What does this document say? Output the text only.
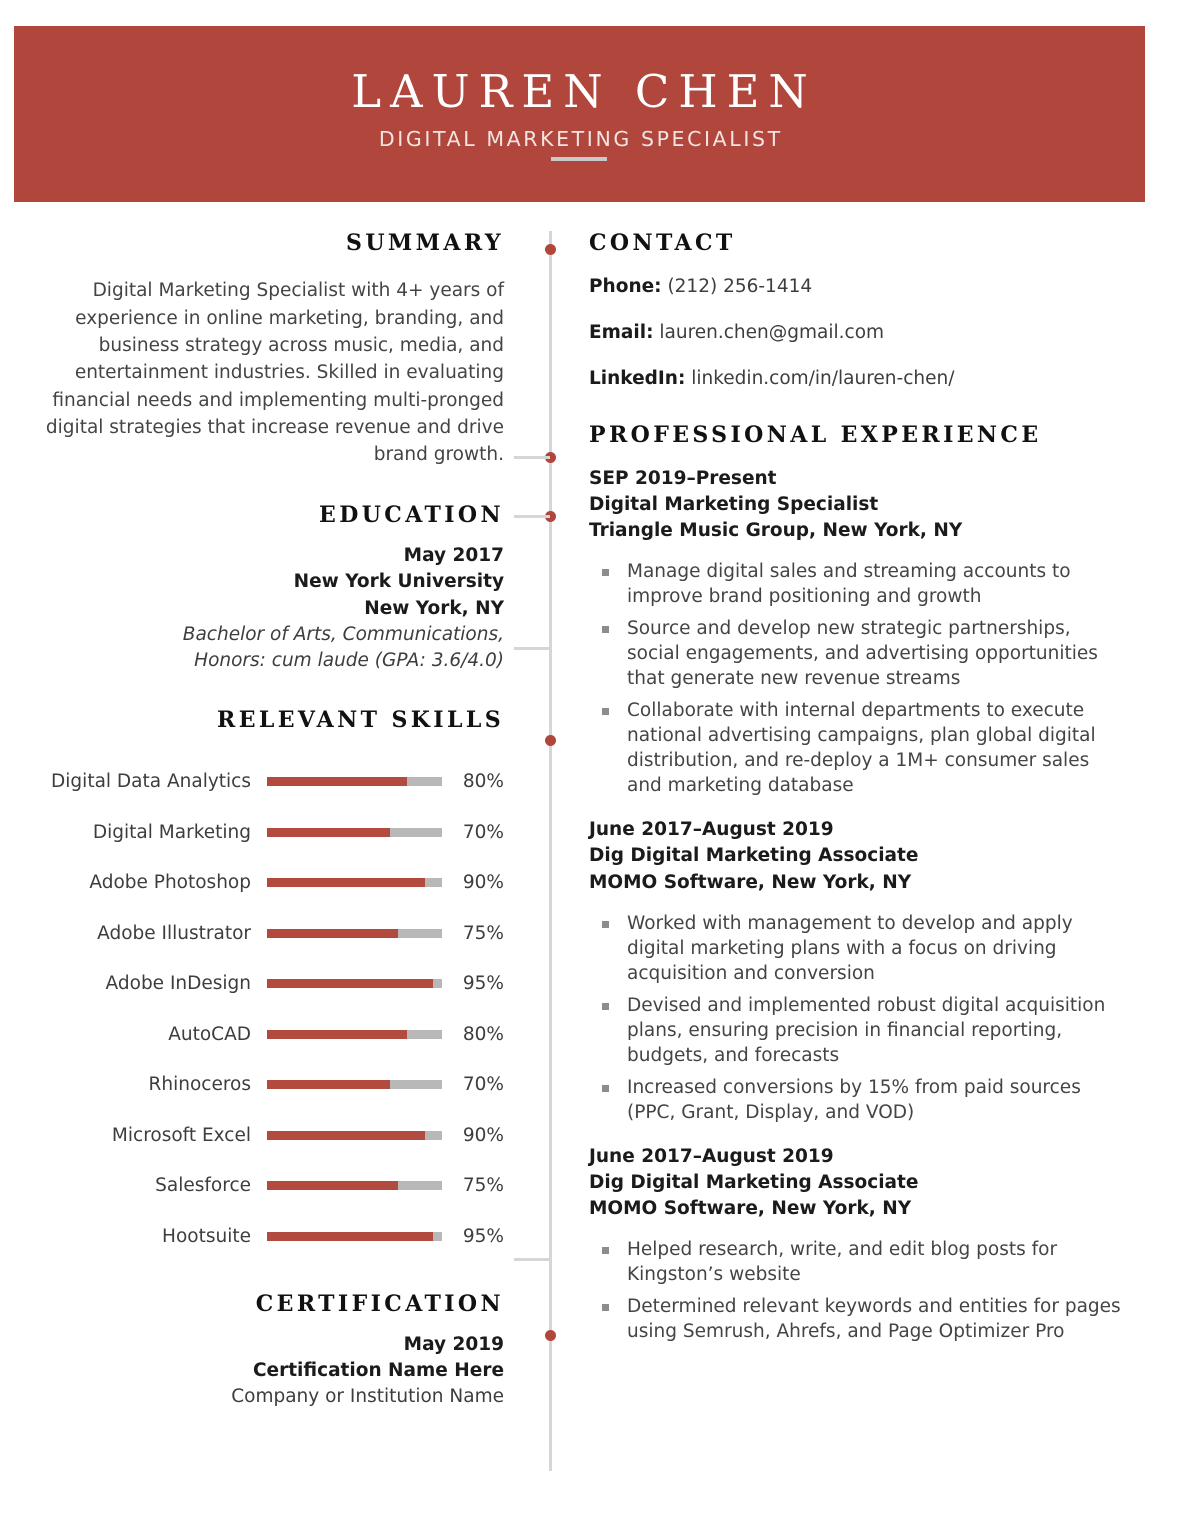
LAUREN CHEN
DIGITAL MARKETING SPECIALIST
SUMMARY
Digital Marketing Specialist with 4+ years of experience in online marketing, branding, and business strategy across music, media, and entertainment industries. Skilled in evaluating financial needs and implementing multi-pronged digital strategies that increase revenue and drive brand growth.
EDUCATION
May 2017
New York University
New York, NY
Bachelor of Arts, Communications,
Honors: cum laude (GPA: 3.6/4.0)
RELEVANT SKILLS
Digital Data Analytics	80%
Digital Marketing	70%
Adobe Photoshop	90%
Adobe Illustrator	75%
Adobe InDesign	95%
AutoCAD	80%
Rhinoceros	70%
Microsoft Excel	90%
Salesforce	75%
Hootsuite	95%
CERTIFICATION
May 2019
Certification Name Here
Company or Institution Name
CONTACT
Phone: (212) 256-1414
Email: lauren.chen@gmail.com
LinkedIn: linkedin.com/in/lauren-chen/
PROFESSIONAL EXPERIENCE
SEP 2019–Present
Digital Marketing Specialist
Triangle Music Group, New York, NY
Manage digital sales and streaming accounts to improve brand positioning and growth
Source and develop new strategic partnerships, social engagements, and advertising opportunities that generate new revenue streams
Collaborate with internal departments to execute national advertising campaigns, plan global digital distribution, and re-deploy a 1M+ consumer sales and marketing database
June 2017–August 2019
Dig Digital Marketing Associate
MOMO Software, New York, NY
Worked with management to develop and apply digital marketing plans with a focus on driving acquisition and conversion
Devised and implemented robust digital acquisition plans, ensuring precision in financial reporting, budgets, and forecasts
Increased conversions by 15% from paid sources (PPC, Grant, Display, and VOD)
June 2017–August 2019
Dig Digital Marketing Associate
MOMO Software, New York, NY
Helped research, write, and edit blog posts for Kingston’s website
Determined relevant keywords and entities for pages using Semrush, Ahrefs, and Page Optimizer Pro
